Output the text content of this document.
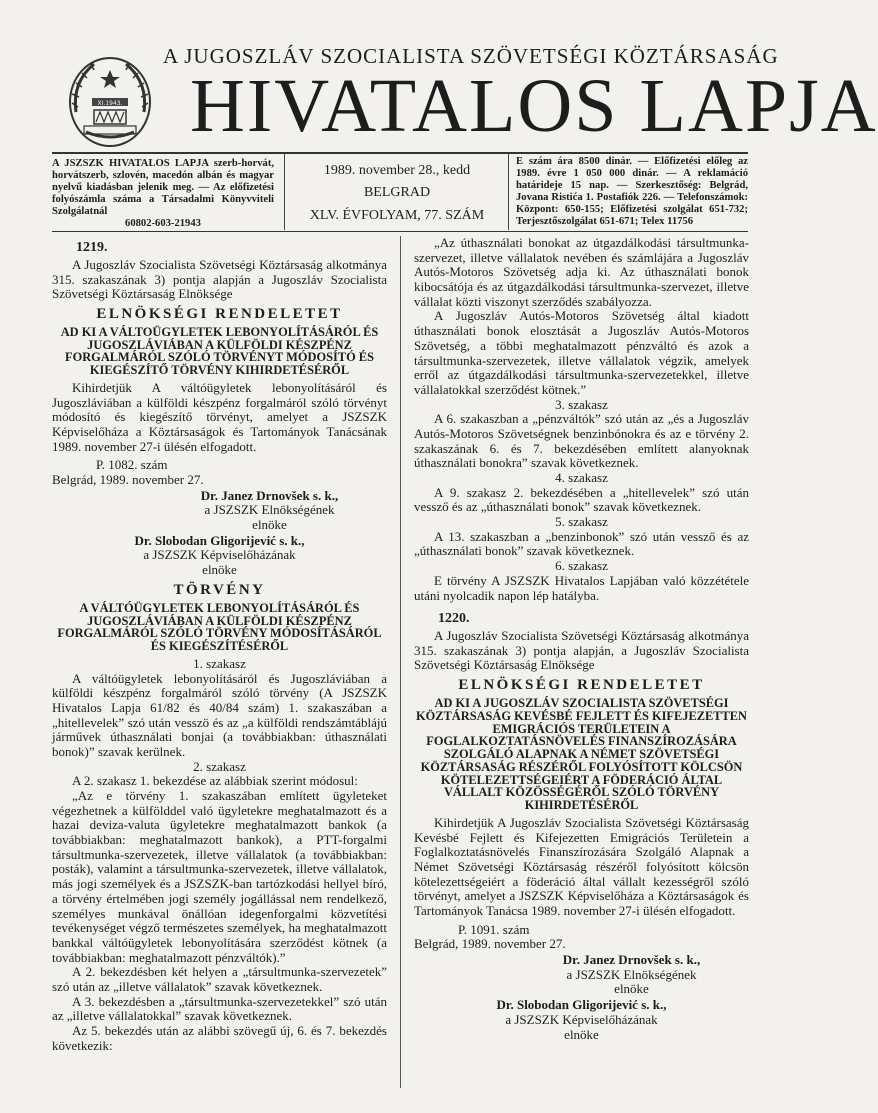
XI.1943.
A JUGOSZLÁV SZOCIALISTA SZÖVETSÉGI KÖZTÁRSASÁG
HIVATALOS LAPJA
A JSZSZK HIVATALOS LAPJA szerb-horvát, horvátszerb, szlovén, macedón albán és magyar nyelvű kiadásban jelenik meg. — Az előfizetési folyószámla száma a Társadalmi Könyvviteli Szolgálatnál
60802-603-21943
1989. november 28., kedd
BELGRAD
XLV. ÉVFOLYAM, 77. SZÁM
E szám ára 8500 dinár. — Előfizetési előleg az 1989. évre 1 050 000 dinár. — A reklamáció határideje 15 nap. — Szerkesztőség: Belgrád, Jovana Ristića 1. Postafiók 226. — Telefonszámok: Központ: 650-155; Előfizetési szolgálat 651-732; Terjesztőszolgálat 651-671; Telex 11756
1219.

A Jugoszláv Szocialista Szövetségi Köztársaság alkotmánya 315. szakaszának 3) pontja alapján a Jugoszláv Szocialista Szövetségi Köztársaság Elnöksége

ELNÖKSÉGI RENDELETET
AD KI A VÁLTOÜGYLETEK LEBONYOLÍTÁSÁRÓL ÉS JUGOSZLÁVIÁBAN A KÜLFÖLDI KÉSZPÉNZ FORGALMÁRÓL SZÓLÓ TÖRVÉNYT MÓDOSÍTÓ ÉS KIEGÉSZÍTŐ TÖRVÉNY KIHIRDETÉSÉRŐL

Kihirdetjük A váltóügyletek lebonyolításáról és Jugoszláviában a külföldi készpénz forgalmáról szóló törvényt módosító és kiegészítő törvényt, amelyet a JSZSZK Képviselőháza a Köztársaságok és Tartományok Tanácsának 1989. november 27-i ülésén elfogadott.

P. 1082. szám

Belgrád, 1989. november 27.

Dr. Janez Drnovšek s. k.,
a JSZSZK Elnökségének
elnöke
Dr. Slobodan Gligorijević s. k.,
a JSZSZK Képviselőházának
elnöke
TÖRVÉNY
A VÁLTÓÜGYLETEK LEBONYOLÍTÁSÁRÓL ÉS JUGOSZLÁVIÁBAN A KÜLFÖLDI KÉSZPÉNZ FORGALMÁRÓL SZÓLÓ TÖRVÉNY MÓDOSÍTÁSÁRÓL ÉS KIEGÉSZÍTÉSÉRŐL
1. szakasz

A váltóügyletek lebonyolításáról és Jugoszláviában a külföldi készpénz forgalmáról szóló törvény (A JSZSZK Hivatalos Lapja 61/82 és 40/84 szám) 1. szakaszában a „hitellevelek” szó után vesszö és az „a külföldi rendszámtáblájú járművek úthasználati bonjai (a továbbiakban: úthasználati bonok)” szavak kerülnek.

2. szakasz

A 2. szakasz 1. bekezdése az alábbiak szerint módosul:

„Az e törvény 1. szakaszában említett ügyleteket végezhetnek a külfölddel való ügyletekre meghatalmazott és a hazai deviza-valuta ügyletekre meghatalmazott bankok (a továbbiakban: meghatalmazott bankok), a PTT-forgalmi társultmunka-szervezetek, illetve vállalatok (a továbbiakban: posták), valamint a társultmunka-szervezetek, illetve vállalatok, más jogi személyek és a JSZSZK-ban tartózkodási hellyel bíró, a törvény értelmében jogi személy jogállással nem rendelkező, személyes munkával önállóan idegenforgalmi közvetítési tevékenységet végző természetes személyek, ha meghatalmazott bankkal váltóügyletek lebonyolítására szerződést kötnek (a továbbiakban: meghatalmazott pénzváltók).”

A 2. bekezdésben két helyen a „társultmunka-szervezetek” szó után az „illetve vállalatok” szavak következnek.

A 3. bekezdésben a „társultmunka-szervezetekkel” szó után az „illetve vállalatokkal” szavak következnek.

Az 5. bekezdés után az alábbi szövegű új, 6. és 7. bekezdés következik:

„Az úthasználati bonokat az útgazdálkodási társultmunka-szervezet, illetve vállalatok nevében és számlájára a Jugoszláv Autós-Motoros Szövetség adja ki. Az úthasználati bonok kibocsátója és az útgazdálkodási társultmunka-szervezet, illetve vállalat közti viszonyt szerződés szabályozza.

A Jugoszláv Autós-Motoros Szövetség által kiadott úthasználati bonok elosztását a Jugoszláv Autós-Motoros Szövetség, a többi meghatalmazott pénzváltó és azok a társultmunka-szervezetek, illetve vállalatok végzik, amelyek erről az útgazdálkodási társultmunka-szervezetekkel, illetve vállalatokkal szerződést kötnek.”

3. szakasz

A 6. szakaszban a „pénzváltók” szó után az „és a Jugoszláv Autós-Motoros Szövetségnek benzinbónokra és az e törvény 2. szakaszának 6. és 7. bekezdésében említett alanyoknak úthasználati bonokra” szavak következnek.

4. szakasz

A 9. szakasz 2. bekezdésében a „hitellevelek” szó után vessző és az „úthasználati bonok” szavak következnek.

5. szakasz

A 13. szakaszban a „benzinbonok” szó után vessző és az „úthasználati bonok” szavak következnek.

6. szakasz

E törvény A JSZSZK Hivatalos Lapjában való közzététele utáni nyolcadik napon lép hatályba.

1220.

A Jugoszláv Szocialista Szövetségi Köztársaság alkotmánya 315. szakaszának 3) pontja alapján, a Jugoszláv Szocialista Szövetségi Köztársaság Elnöksége

ELNÖKSÉGI RENDELETET
AD KI A JUGOSZLÁV SZOCIALISTA SZÖVETSÉGI KÖZTÁRSASÁG KEVÉSBÉ FEJLETT ÉS KIFEJEZETTEN EMIGRÁCIÓS TERÜLETEIN A FOGLALKOZTATÁSNÖVELÉS FINANSZÍROZÁSÁRA SZOLGÁLÓ ALAPNAK A NÉMET SZÖVETSÉGI KÖZTÁRSASÁG RÉSZÉRŐL FOLYÓSÍTOTT KÖLCSÖN KÖTELEZETTSÉGEIÉRT A FÖDERÁCIÓ ÁLTAL VÁLLALT KÖZÖSSÉGÉRŐL SZÓLÓ TÖRVÉNY KIHIRDETÉSÉRŐL

Kihirdetjük A Jugoszláv Szocialista Szövetségi Köztársaság Kevésbé Fejlett és Kifejezetten Emigrációs Területein a Foglalkoztatásnövelés Finanszírozására Szolgáló Alapnak a Német Szövetségi Köztársaság részéről folyósított kölcsön kötelezettségeiért a föderáció által vállalt kezességről szóló törvényt, amelyet a JSZSZK Képviselőháza a Köztársaságok és Tartományok Tanácsa 1989. november 27-i ülésén elfogadott.

P. 1091. szám

Belgrád, 1989. november 27.

Dr. Janez Drnovšek s. k.,
a JSZSZK Elnökségének
elnöke
Dr. Slobodan Gligorijević s. k.,
a JSZSZK Képviselőházának
elnöke
